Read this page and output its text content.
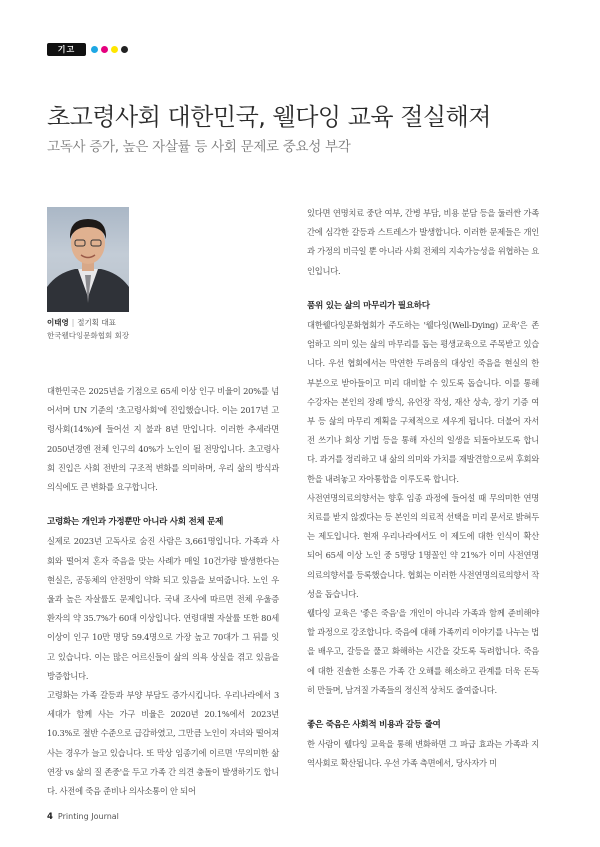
기고
초고령사회 대한민국, 웰다잉 교육 절실해져
고독사 증가, 높은 자살률 등 사회 문제로 중요성 부각
이태영 | 절기획 대표
한국웰다잉문화협회 회장

대한민국은 2025년을 기점으로 65세 이상 인구 비율이 20%를 넘어서며 UN 기준의 '초고령사회'에 진입했습니다. 이는 2017년 고령사회(14%)에 들어선 지 불과 8년 만입니다. 이러한 추세라면 2050년경엔 전체 인구의 40%가 노인이 될 전망입니다. 초고령사회 진입은 사회 전반의 구조적 변화를 의미하며, 우리 삶의 방식과 의식에도 큰 변화를 요구합니다.

고령화는 개인과 가정뿐만 아니라 사회 전체 문제

실제로 2023년 고독사로 숨진 사람은 3,661명입니다. 가족과 사회와 떨어져 혼자 죽음을 맞는 사례가 매일 10건가량 발생한다는 현실은, 공동체의 안전망이 약화 되고 있음을 보여줍니다. 노인 우울과 높은 자살률도 문제입니다. 국내 조사에 따르면 전체 우울증 환자의 약 35.7%가 60대 이상입니다. 연령대별 자살률 또한 80세 이상이 인구 10만 명당 59.4명으로 가장 높고 70대가 그 뒤를 잇고 있습니다. 이는 많은 어르신들이 삶의 의욕 상실을 겪고 있음을 방증합니다.

고령화는 가족 갈등과 부양 부담도 증가시킵니다. 우리나라에서 3세대가 함께 사는 가구 비율은 2020년 20.1%에서 2023년 10.3%로 절반 수준으로 급감하였고, 그만큼 노인이 자녀와 떨어져 사는 경우가 늘고 있습니다. 또 막상 임종기에 이르면 '무의미한 삶 연장 vs 삶의 질 존중'을 두고 가족 간 의견 충돌이 발생하기도 합니다. 사전에 죽음 준비나 의사소통이 안 되어

있다면 연명치료 중단 여부, 간병 부담, 비용 분담 등을 둘러싼 가족 간에 심각한 갈등과 스트레스가 발생합니다. 이러한 문제들은 개인과 가정의 비극일 뿐 아니라 사회 전체의 지속가능성을 위협하는 요인입니다.

품위 있는 삶의 마무리가 필요하다

대한웰다잉문화협회가 주도하는 '웰다잉(Well-Dying) 교육'은 존엄하고 의미 있는 삶의 마무리를 돕는 평생교육으로 주목받고 있습니다. 우선 협회에서는 막연한 두려움의 대상인 죽음을 현실의 한 부분으로 받아들이고 미리 대비할 수 있도록 돕습니다. 이를 통해 수강자는 본인의 장례 방식, 유언장 작성, 재산 상속, 장기 기증 여부 등 삶의 마무리 계획을 구체적으로 세우게 됩니다. 더불어 자서전 쓰기나 회상 기법 등을 통해 자신의 일생을 되돌아보도록 합니다. 과거를 정리하고 내 삶의 의미와 가치를 재발견함으로써 후회와 한을 내려놓고 자아통합을 이루도록 합니다.

사전연명의료의향서는 향후 임종 과정에 들어설 때 무의미한 연명치료를 받지 않겠다는 등 본인의 의료적 선택을 미리 문서로 밝혀두는 제도입니다. 현재 우리나라에서도 이 제도에 대한 인식이 확산 되어 65세 이상 노인 중 5명당 1명꼴인 약 21%가 이미 사전연명의료의향서를 등록했습니다. 협회는 이러한 사전연명의료의향서 작성을 돕습니다.

웰다잉 교육은 '좋은 죽음'을 개인이 아니라 가족과 함께 준비해야 할 과정으로 강조합니다. 죽음에 대해 가족끼리 이야기를 나누는 법을 배우고, 갈등을 풀고 화해하는 시간을 갖도록 독려합니다. 죽음에 대한 진솔한 소통은 가족 간 오해를 해소하고 관계를 더욱 돈독히 만들며, 남겨질 가족들의 정신적 상처도 줄여줍니다.

좋은 죽음은 사회적 비용과 갈등 줄여

한 사람이 웰다잉 교육을 통해 변화하면 그 파급 효과는 가족과 지역사회로 확산됩니다. 우선 가족 측면에서, 당사자가 미

4 Printing Journal
